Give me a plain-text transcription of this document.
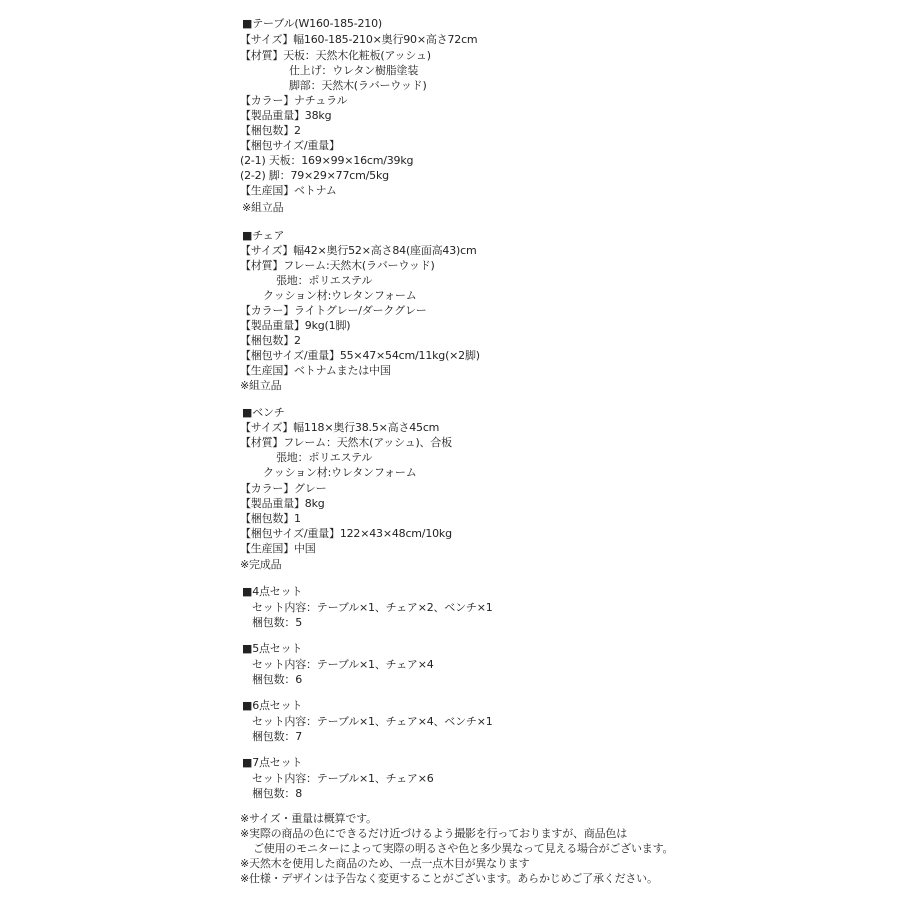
■テーブル(W160-185-210)
【サイズ】幅160-185-210×奥行90×高さ72cm
【材質】天板：天然木化粧板(アッシュ)
仕上げ：ウレタン樹脂塗装
脚部：天然木(ラバーウッド)
【カラー】ナチュラル
【製品重量】38kg
【梱包数】2
【梱包サイズ/重量】
(2-1) 天板：169×99×16cm/39kg
(2-2) 脚：79×29×77cm/5kg
【生産国】ベトナム
※組立品
■チェア
【サイズ】幅42×奥行52×高さ84(座面高43)cm
【材質】フレーム:天然木(ラバーウッド)
張地：ポリエステル
クッション材:ウレタンフォーム
【カラー】ライトグレー/ダークグレー
【製品重量】9kg(1脚)
【梱包数】2
【梱包サイズ/重量】55×47×54cm/11kg(×2脚)
【生産国】ベトナムまたは中国
※組立品
■ベンチ
【サイズ】幅118×奥行38.5×高さ45cm
【材質】フレーム：天然木(アッシュ)、合板
張地：ポリエステル
クッション材:ウレタンフォーム
【カラー】グレー
【製品重量】8kg
【梱包数】1
【梱包サイズ/重量】122×43×48cm/10kg
【生産国】中国
※完成品
■4点セット
セット内容：テーブル×1、チェア×2、ベンチ×1
梱包数：5
■5点セット
セット内容：テーブル×1、チェア×4
梱包数：6
■6点セット
セット内容：テーブル×1、チェア×4、ベンチ×1
梱包数：7
■7点セット
セット内容：テーブル×1、チェア×6
梱包数：8
※サイズ・重量は概算です。
※実際の商品の色にできるだけ近づけるよう撮影を行っておりますが、商品色は
ご使用のモニターによって実際の明るさや色と多少異なって見える場合がございます。
※天然木を使用した商品のため、一点一点木目が異なります
※仕様・デザインは予告なく変更することがございます。あらかじめご了承ください。
